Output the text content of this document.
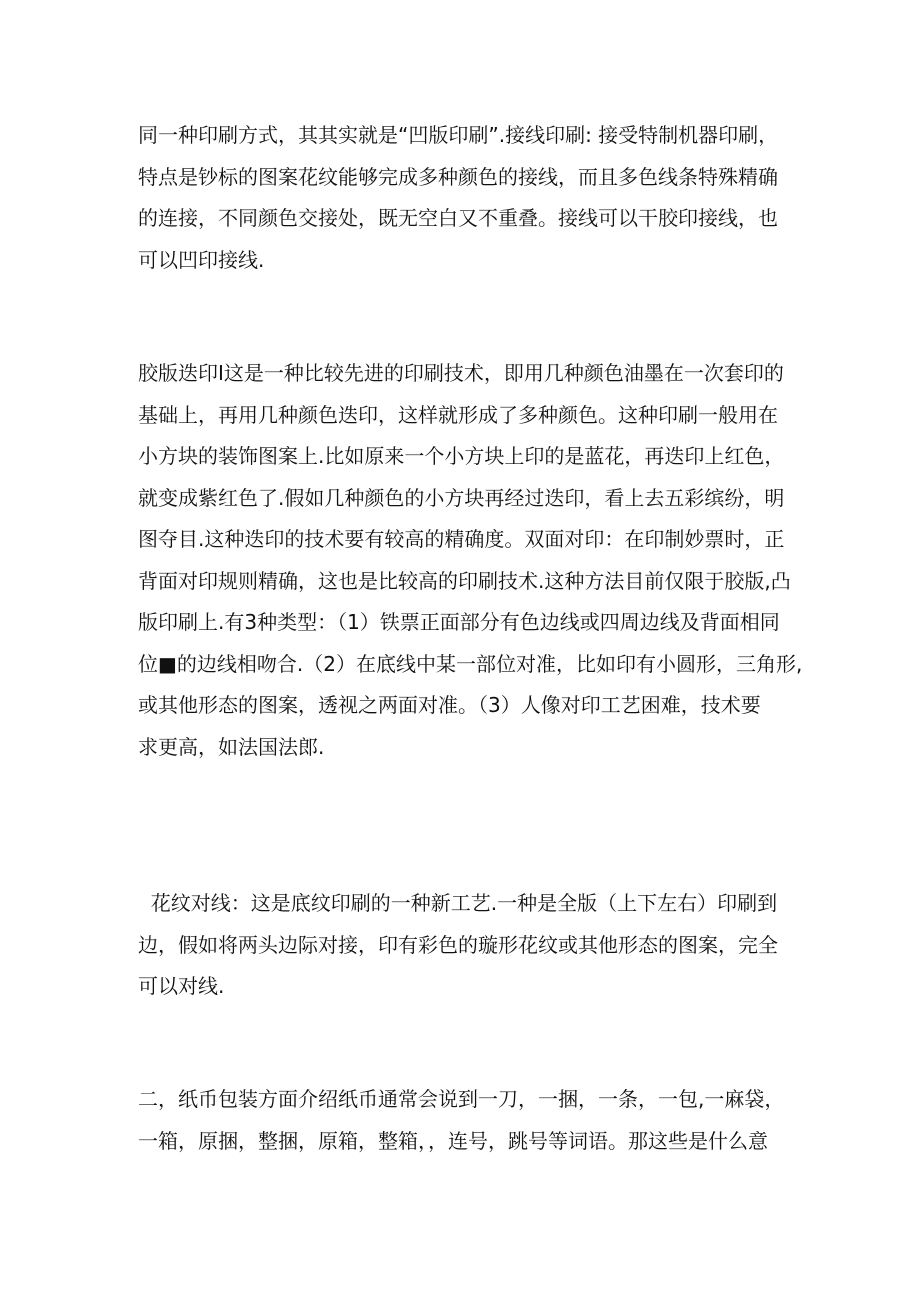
同一种印刷方式，其其实就是“凹版印刷”.接线印刷: 接受特制机器印刷，
特点是钞标的图案花纹能够完成多种颜色的接线，而且多色线条特殊精确
的连接，不同颜色交接处，既无空白又不重叠。接线可以干胶印接线，也
可以凹印接线.

胶版迭印I这是一种比较先进的印刷技术，即用几种颜色油墨在一次套印的
基础上，再用几种颜色迭印，这样就形成了多种颜色。这种印刷一般用在
小方块的装饰图案上.比如原来一个小方块上印的是蓝花，再迭印上红色，
就变成紫红色了.假如几种颜色的小方块再经过迭印，看上去五彩缤纷，明
图夺目.这种迭印的技术要有较高的精确度。双面对印：在印制妙票时，正
背面对印规则精确，这也是比较高的印刷技术.这种方法目前仅限于胶版,凸
版印刷上.有3种类型：（1）铁票正面部分有色边线或四周边线及背面相同
位■的边线相吻合.（2）在底线中某一部位对准，比如印有小圆形，三角形,
或其他形态的图案，透视之两面对准。（3）人像对印工艺困难，技术要
求更高，如法国法郎.

花纹对线：这是底纹印刷的一种新工艺.一种是全版（上下左右）印刷到
边，假如将两头边际对接，印有彩色的璇形花纹或其他形态的图案，完全
可以对线.

二，纸币包装方面介绍纸币通常会说到一刀，一捆，一条，一包,一麻袋，
一箱，原捆，整捆，原箱，整箱，，连号，跳号等词语。那这些是什么意
